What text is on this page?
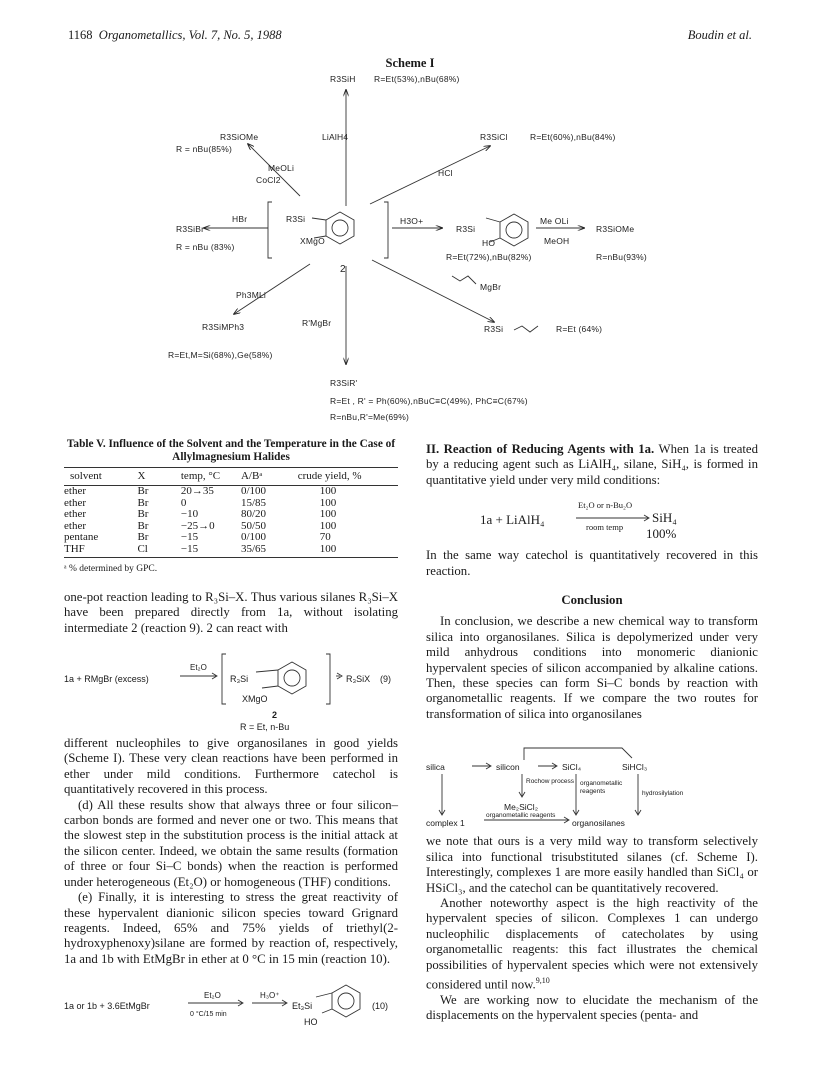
1168 Organometallics, Vol. 7, No. 5, 1988	Boudin et al.
Scheme I
R3SiH R=Et(53%),nBu(68%)
LiAlH4
R3SiOMe
R = nBu(85%)
MeOLi
CoCl2
R3SiCl	R=Et(60%),nBu(84%)
HCl
HBr
R3SiBr
R = nBu (83%)
R3Si
XMgO
2
H3O+
R3Si
HO
R=Et(72%),nBu(82%)
Me OLi
MeOH
R3SiOMe
R=nBu(93%)
Ph3MLi
MgBr
R3SiMPh3	R'MgBr
R3Si	R=Et (64%)
R=Et,M=Si(68%),Ge(58%)
R3SiR'
R=Et , R' = Ph(60%),nBuC≡C(49%), PhC≡C(67%)
R=nBu,R'=Me(69%)
Table V. Influence of the Solvent and the Temperature in the Case of Allylmagnesium Halides
solvent	X	temp, °C	A/Bᵃ	crude yield, %
ether	Br	20→35	0/100	100
ether	Br	0	15/85	100
ether	Br	−10	80/20	100
ether	Br	−25→0	50/50	100
pentane	Br	−15	0/100	70
THF	Cl	−15	35/65	100
ᵃ % determined by GPC.

one-pot reaction leading to R₃Si–X. Thus various silanes R₃Si–X have been prepared directly from 1a, without isolating intermediate 2 (reaction 9). 2 can react with

1a + RMgBr (excess)
Et₂O
R₃Si
XMgO
R₃SiX (9)
2
R = Et, n-Bu

different nucleophiles to give organosilanes in good yields (Scheme I). These very clean reactions have been performed in ether under mild conditions. Furthermore catechol is quantitatively recovered in this process.

(d) All these results show that always three or four silicon–carbon bonds are formed and never one or two. This means that the slowest step in the substitution process is the initial attack at the silicon center. Indeed, we obtain the same results (formation of three or four Si–C bonds) when the reaction is performed under heterogeneous (Et₂O) or homogeneous (THF) conditions.

(e) Finally, it is interesting to stress the great reactivity of these hypervalent dianionic silicon species toward Grignard reagents. Indeed, 65% and 75% yields of triethyl(2-hydroxyphenoxy)silane are formed by reaction of, respectively, 1a and 1b with EtMgBr in ether at 0 °C in 15 min (reaction 10).

1a or 1b + 3.6EtMgBr
Et₂O
0 °C/15 min
H₃O⁺
Et₃Si
HO
(10)

II. Reaction of Reducing Agents with 1a. When 1a is treated by a reducing agent such as LiAlH₄, silane, SiH₄, is formed in quantitative yield under very mild conditions:

1a + LiAlH₄
Et₂O or n-Bu₂O
room temp
SiH₄
100%

In the same way catechol is quantitatively recovered in this reaction.

Conclusion

In conclusion, we describe a new chemical way to transform silica into organosilanes. Silica is depolymerized under very mild anhydrous conditions into monomeric dianionic hypervalent species of silicon accompanied by alkaline cations. Then, these species can form Si–C bonds by reaction with organometallic reagents. If we compare the two routes for transformation of silica into organosilanes

silica	silicon	SiCl₄	SiHCl₃
Rochow process organometallic reagents	hydrosilylation
Me₂SiCl₂
complex 1
organometallic reagents
organosilanes

we note that ours is a very mild way to transform selectively silica into functional trisubstituted silanes (cf. Scheme I). Interestingly, complexes 1 are more easily handled than SiCl₄ or HSiCl₃, and the catechol can be quantitatively recovered.

Another noteworthy aspect is the high reactivity of the hypervalent species of silicon. Complexes 1 can undergo nucleophilic displacements of catecholates by using organometallic reagents: this fact illustrates the chemical possibilities of hypervalent species which were not extensively considered until now.$^{9,10}$

We are working now to elucidate the mechanism of the displacements on the hypervalent species (penta- and
